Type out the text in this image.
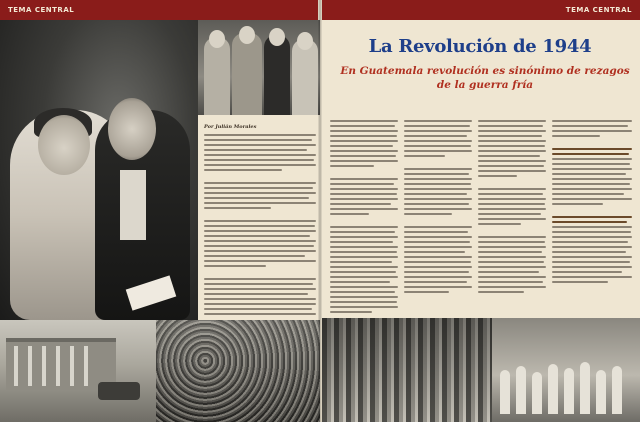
TEMA CENTRAL	TEMA CENTRAL
Por Julián Morales
La Revolución de 1944
En Guatemala revolución es sinónimo de rezagos de la guerra fría
